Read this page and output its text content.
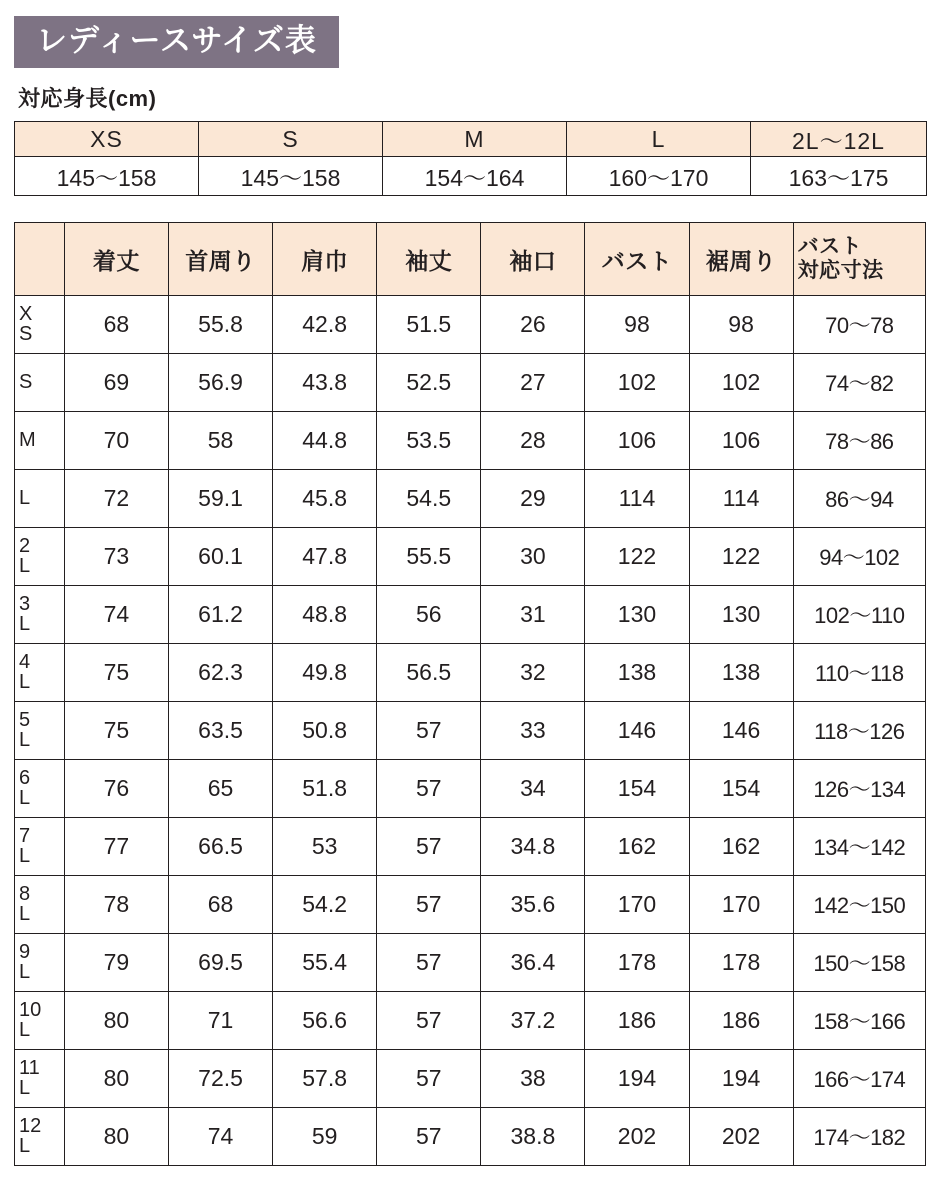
レディースサイズ表
対応身長(cm)
XS	S	M	L	2L〜12L
145〜158	145〜158	154〜164	160〜170	163〜175
	着丈	首周り	肩巾	袖丈	袖口	バスト	裾周り	バスト
対応寸法

X
S	68	55.8	42.8	51.5	26	98	98	70〜78

S	69	56.9	43.8	52.5	27	102	102	74〜82

M	70	58	44.8	53.5	28	106	106	78〜86

L	72	59.1	45.8	54.5	29	114	114	86〜94

2
L	73	60.1	47.8	55.5	30	122	122	94〜102

3
L	74	61.2	48.8	56	31	130	130	102〜110

4
L	75	62.3	49.8	56.5	32	138	138	110〜118

5
L	75	63.5	50.8	57	33	146	146	118〜126

6
L	76	65	51.8	57	34	154	154	126〜134

7
L	77	66.5	53	57	34.8	162	162	134〜142

8
L	78	68	54.2	57	35.6	170	170	142〜150

9
L	79	69.5	55.4	57	36.4	178	178	150〜158

10
L	80	71	56.6	57	37.2	186	186	158〜166

11
L	80	72.5	57.8	57	38	194	194	166〜174

12
L	80	74	59	57	38.8	202	202	174〜182
